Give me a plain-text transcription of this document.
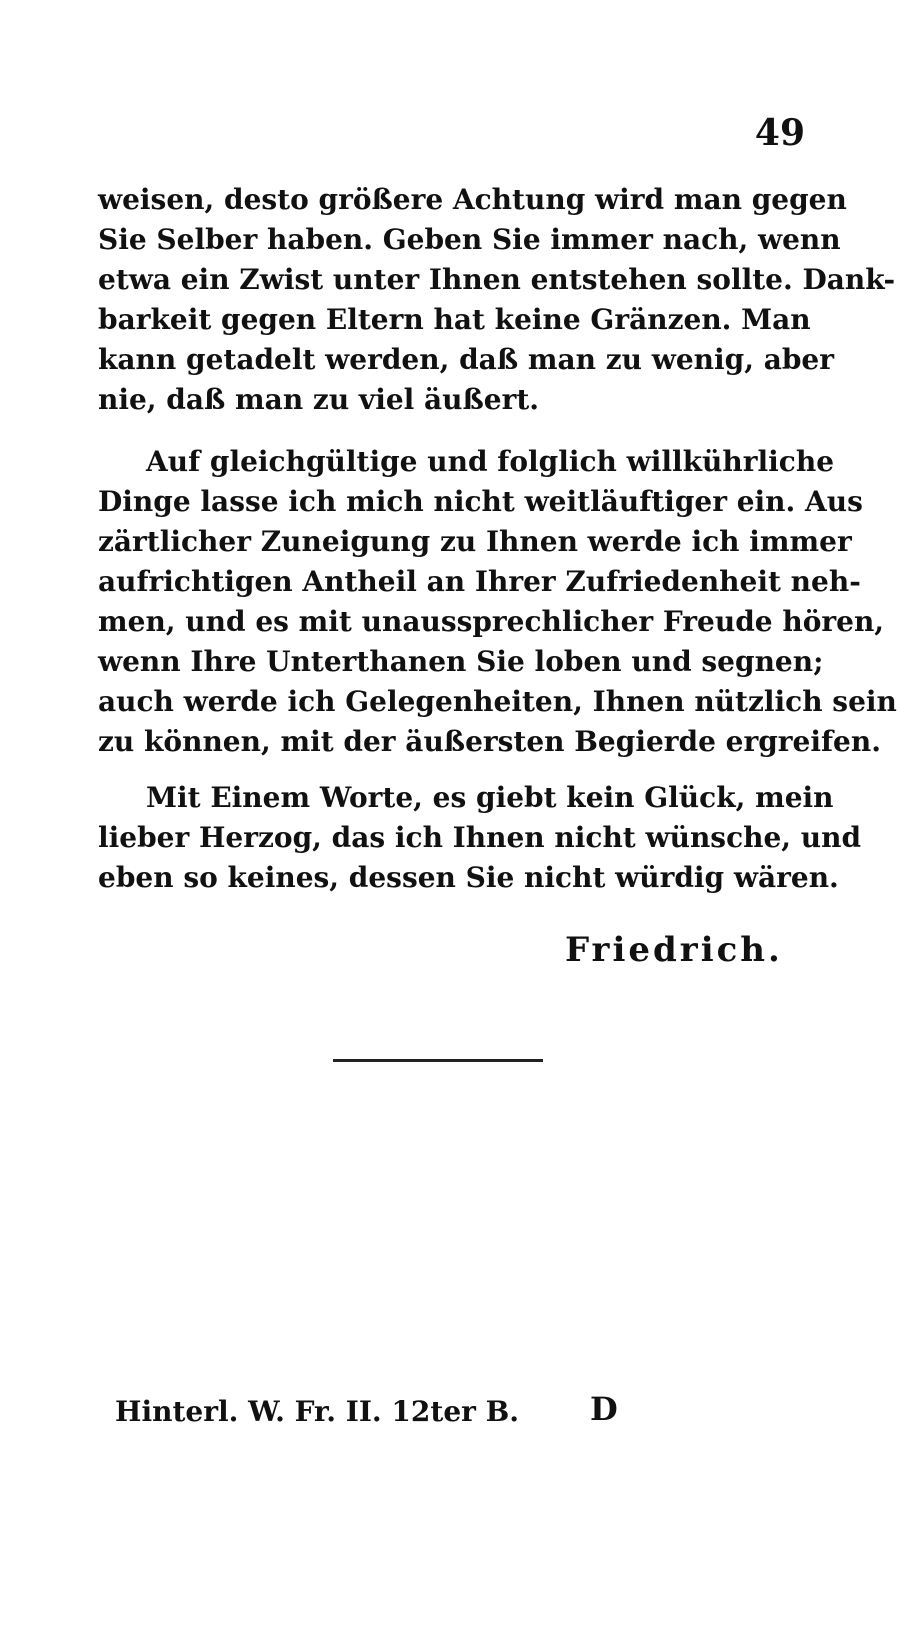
49
weisen, desto größere Achtung wird man gegen
Sie Selber haben. Geben Sie immer nach, wenn
etwa ein Zwist unter Ihnen entstehen sollte. Dank-
barkeit gegen Eltern hat keine Gränzen. Man
kann getadelt werden, daß man zu wenig, aber
nie, daß man zu viel äußert.
Auf gleichgültige und folglich willkührliche
Dinge lasse ich mich nicht weitläuftiger ein. Aus
zärtlicher Zuneigung zu Ihnen werde ich immer
aufrichtigen Antheil an Ihrer Zufriedenheit neh-
men, und es mit unaussprechlicher Freude hören,
wenn Ihre Unterthanen Sie loben und segnen;
auch werde ich Gelegenheiten, Ihnen nützlich sein
zu können, mit der äußersten Begierde ergreifen.
Mit Einem Worte, es giebt kein Glück, mein
lieber Herzog, das ich Ihnen nicht wünsche, und
eben so keines, dessen Sie nicht würdig wären.
Friedrich.
Hinterl. W. Fr. II. 12ter B. D
